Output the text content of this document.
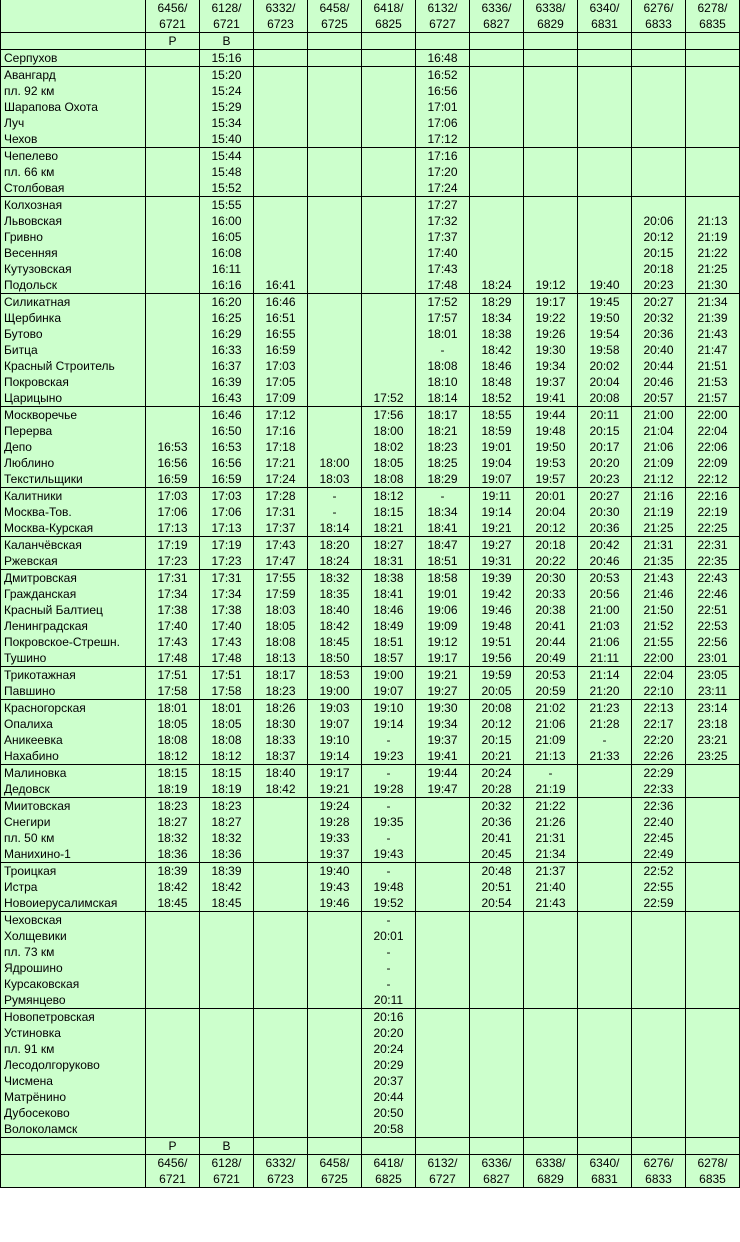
	6456/	6128/	6332/	6458/	6418/	6132/	6336/	6338/	6340/	6276/	6278/
	6721	6721	6723	6725	6825	6727	6827	6829	6831	6833	6835
	Р	В									
Серпухов		15:16				16:48					
Авангард		15:20				16:52					
пл. 92 км		15:24				16:56					
Шарапова Охота		15:29				17:01					
Луч		15:34				17:06					
Чехов		15:40				17:12					
Чепелево		15:44				17:16					
пл. 66 км		15:48				17:20					
Столбовая		15:52				17:24					
Колхозная		15:55				17:27					
Львовская		16:00				17:32				20:06	21:13
Гривно		16:05				17:37				20:12	21:19
Весенняя		16:08				17:40				20:15	21:22
Кутузовская		16:11				17:43				20:18	21:25
Подольск		16:16	16:41			17:48	18:24	19:12	19:40	20:23	21:30
Силикатная		16:20	16:46			17:52	18:29	19:17	19:45	20:27	21:34
Щербинка		16:25	16:51			17:57	18:34	19:22	19:50	20:32	21:39
Бутово		16:29	16:55			18:01	18:38	19:26	19:54	20:36	21:43
Битца		16:33	16:59			-	18:42	19:30	19:58	20:40	21:47
Красный Строитель		16:37	17:03			18:08	18:46	19:34	20:02	20:44	21:51
Покровская		16:39	17:05			18:10	18:48	19:37	20:04	20:46	21:53
Царицыно		16:43	17:09		17:52	18:14	18:52	19:41	20:08	20:57	21:57
Москворечье		16:46	17:12		17:56	18:17	18:55	19:44	20:11	21:00	22:00
Перерва		16:50	17:16		18:00	18:21	18:59	19:48	20:15	21:04	22:04
Депо	16:53	16:53	17:18		18:02	18:23	19:01	19:50	20:17	21:06	22:06
Люблино	16:56	16:56	17:21	18:00	18:05	18:25	19:04	19:53	20:20	21:09	22:09
Текстильщики	16:59	16:59	17:24	18:03	18:08	18:29	19:07	19:57	20:23	21:12	22:12
Калитники	17:03	17:03	17:28	-	18:12	-	19:11	20:01	20:27	21:16	22:16
Москва-Тов.	17:06	17:06	17:31	-	18:15	18:34	19:14	20:04	20:30	21:19	22:19
Москва-Курская	17:13	17:13	17:37	18:14	18:21	18:41	19:21	20:12	20:36	21:25	22:25
Каланчёвская	17:19	17:19	17:43	18:20	18:27	18:47	19:27	20:18	20:42	21:31	22:31
Ржевская	17:23	17:23	17:47	18:24	18:31	18:51	19:31	20:22	20:46	21:35	22:35
Дмитровская	17:31	17:31	17:55	18:32	18:38	18:58	19:39	20:30	20:53	21:43	22:43
Гражданская	17:34	17:34	17:59	18:35	18:41	19:01	19:42	20:33	20:56	21:46	22:46
Красный Балтиец	17:38	17:38	18:03	18:40	18:46	19:06	19:46	20:38	21:00	21:50	22:51
Ленинградская	17:40	17:40	18:05	18:42	18:49	19:09	19:48	20:41	21:03	21:52	22:53
Покровское-Стрешн.	17:43	17:43	18:08	18:45	18:51	19:12	19:51	20:44	21:06	21:55	22:56
Тушино	17:48	17:48	18:13	18:50	18:57	19:17	19:56	20:49	21:11	22:00	23:01
Трикотажная	17:51	17:51	18:17	18:53	19:00	19:21	19:59	20:53	21:14	22:04	23:05
Павшино	17:58	17:58	18:23	19:00	19:07	19:27	20:05	20:59	21:20	22:10	23:11
Красногорская	18:01	18:01	18:26	19:03	19:10	19:30	20:08	21:02	21:23	22:13	23:14
Опалиха	18:05	18:05	18:30	19:07	19:14	19:34	20:12	21:06	21:28	22:17	23:18
Аникеевка	18:08	18:08	18:33	19:10	-	19:37	20:15	21:09	-	22:20	23:21
Нахабино	18:12	18:12	18:37	19:14	19:23	19:41	20:21	21:13	21:33	22:26	23:25
Малиновка	18:15	18:15	18:40	19:17	-	19:44	20:24	-		22:29	
Дедовск	18:19	18:19	18:42	19:21	19:28	19:47	20:28	21:19		22:33	
Миитовская	18:23	18:23		19:24	-		20:32	21:22		22:36	
Снегири	18:27	18:27		19:28	19:35		20:36	21:26		22:40	
пл. 50 км	18:32	18:32		19:33	-		20:41	21:31		22:45	
Манихино-1	18:36	18:36		19:37	19:43		20:45	21:34		22:49	
Троицкая	18:39	18:39		19:40	-		20:48	21:37		22:52	
Истра	18:42	18:42		19:43	19:48		20:51	21:40		22:55	
Новоиерусалимская	18:45	18:45		19:46	19:52		20:54	21:43		22:59	
Чеховская					-						
Холщевики					20:01						
пл. 73 км					-						
Ядрошино					-						
Курсаковская					-						
Румянцево					20:11						
Новопетровская					20:16						
Устиновка					20:20						
пл. 91 км					20:24						
Лесодолгоруково					20:29						
Чисмена					20:37						
Матрёнино					20:44						
Дубосеково					20:50						
Волоколамск					20:58						
	Р	В									
	6456/	6128/	6332/	6458/	6418/	6132/	6336/	6338/	6340/	6276/	6278/
	6721	6721	6723	6725	6825	6727	6827	6829	6831	6833	6835
